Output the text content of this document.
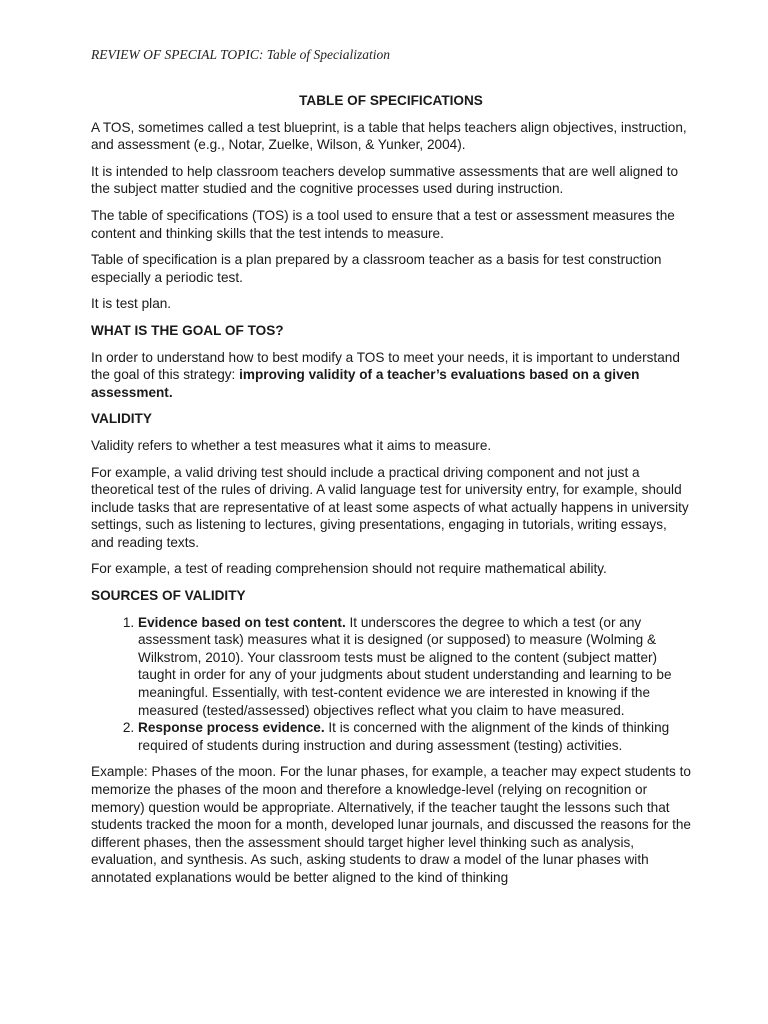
REVIEW OF SPECIAL TOPIC: Table of Specialization
TABLE OF SPECIFICATIONS

A TOS, sometimes called a test blueprint, is a table that helps teachers align objectives, instruction, and assessment (e.g., Notar, Zuelke, Wilson, & Yunker, 2004).

It is intended to help classroom teachers develop summative assessments that are well aligned to the subject matter studied and the cognitive processes used during instruction.

The table of specifications (TOS) is a tool used to ensure that a test or assessment measures the content and thinking skills that the test intends to measure.

Table of specification is a plan prepared by a classroom teacher as a basis for test construction especially a periodic test.

It is test plan.

WHAT IS THE GOAL OF TOS?

In order to understand how to best modify a TOS to meet your needs, it is important to understand the goal of this strategy: improving validity of a teacher’s evaluations based on a given assessment.

VALIDITY

Validity refers to whether a test measures what it aims to measure.

For example, a valid driving test should include a practical driving component and not just a theoretical test of the rules of driving. A valid language test for university entry, for example, should include tasks that are representative of at least some aspects of what actually happens in university settings, such as listening to lectures, giving presentations, engaging in tutorials, writing essays, and reading texts.

For example, a test of reading comprehension should not require mathematical ability.

SOURCES OF VALIDITY
1. Evidence based on test content. It underscores the degree to which a test (or any assessment task) measures what it is designed (or supposed) to measure (Wolming & Wilkstrom, 2010). Your classroom tests must be aligned to the content (subject matter) taught in order for any of your judgments about student understanding and learning to be meaningful. Essentially, with test-content evidence we are interested in knowing if the measured (tested/assessed) objectives reflect what you claim to have measured.
2. Response process evidence. It is concerned with the alignment of the kinds of thinking required of students during instruction and during assessment (testing) activities.

Example: Phases of the moon. For the lunar phases, for example, a teacher may expect students to memorize the phases of the moon and therefore a knowledge-level (relying on recognition or memory) question would be appropriate. Alternatively, if the teacher taught the lessons such that students tracked the moon for a month, developed lunar journals, and discussed the reasons for the different phases, then the assessment should target higher level thinking such as analysis, evaluation, and synthesis. As such, asking students to draw a model of the lunar phases with annotated explanations would be better aligned to the kind of thinking
